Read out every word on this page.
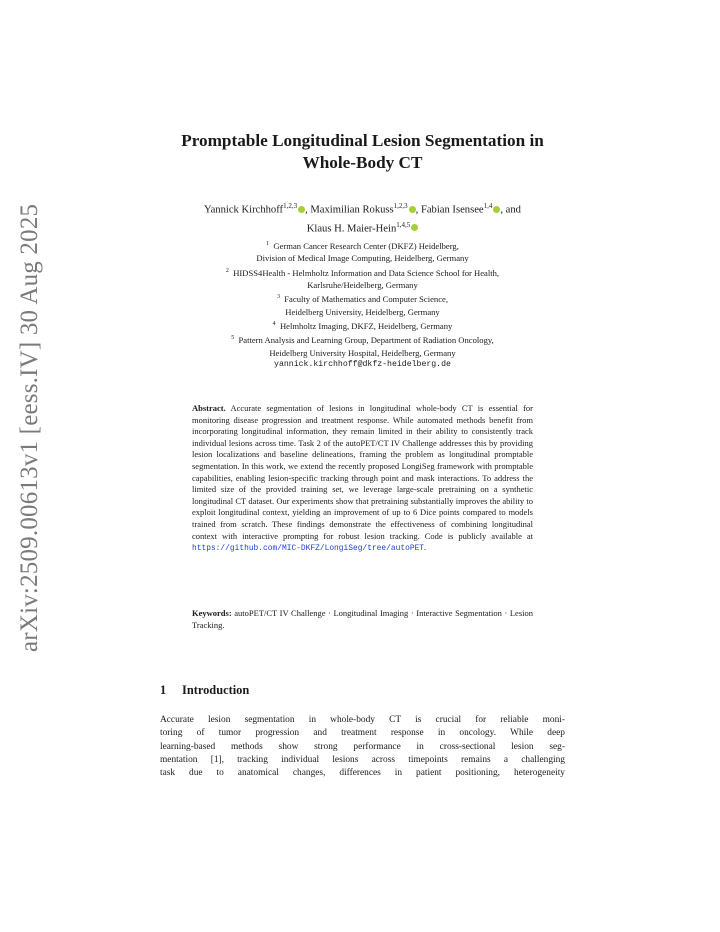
arXiv:2509.00613v1 [eess.IV] 30 Aug 2025
Promptable Longitudinal Lesion Segmentation in
Whole-Body CT
Yannick Kirchhoff$^{1,2,3}$ , Maximilian Rokuss$^{1,2,3}$ , Fabian Isensee$^{1,4}$ , and
Klaus H. Maier-Hein$^{1,4,5}$
$^1$ German Cancer Research Center (DKFZ) Heidelberg,
Division of Medical Image Computing, Heidelberg, Germany
$^2$ HIDSS4Health - Helmholtz Information and Data Science School for Health,
Karlsruhe/Heidelberg, Germany
$^3$ Faculty of Mathematics and Computer Science,
Heidelberg University, Heidelberg, Germany
$^4$ Helmholtz Imaging, DKFZ, Heidelberg, Germany
$^5$ Pattern Analysis and Learning Group, Department of Radiation Oncology,
Heidelberg University Hospital, Heidelberg, Germany
yannick.kirchhoff@dkfz-heidelberg.de
Abstract. Accurate segmentation of lesions in longitudinal whole-body CT is essential for monitoring disease progression and treatment response. While automated methods benefit from incorporating longitudinal information, they remain limited in their ability to consistently track individual lesions across time. Task 2 of the autoPET/CT IV Challenge addresses this by providing lesion localizations and baseline delineations, framing the problem as longitudinal promptable segmentation. In this work, we extend the recently proposed LongiSeg framework with promptable capabilities, enabling lesion-specific tracking through point and mask interactions. To address the limited size of the provided training set, we leverage large-scale pretraining on a synthetic longitudinal CT dataset. Our experiments show that pretraining substantially improves the ability to exploit longitudinal context, yielding an improvement of up to 6 Dice points compared to models trained from scratch. These findings demonstrate the effectiveness of combining longitudinal context with interactive prompting for robust lesion tracking. Code is publicly available at https://github.com/MIC-DKFZ/LongiSeg/tree/autoPET.
Keywords: autoPET/CT IV Challenge · Longitudinal Imaging · Interactive Segmentation · Lesion Tracking.
1 Introduction
Accurate lesion segmentation in whole-body CT is crucial for reliable moni-
toring of tumor progression and treatment response in oncology. While deep
learning-based methods show strong performance in cross-sectional lesion seg-
mentation [1], tracking individual lesions across timepoints remains a challenging
task due to anatomical changes, differences in patient positioning, heterogeneity
